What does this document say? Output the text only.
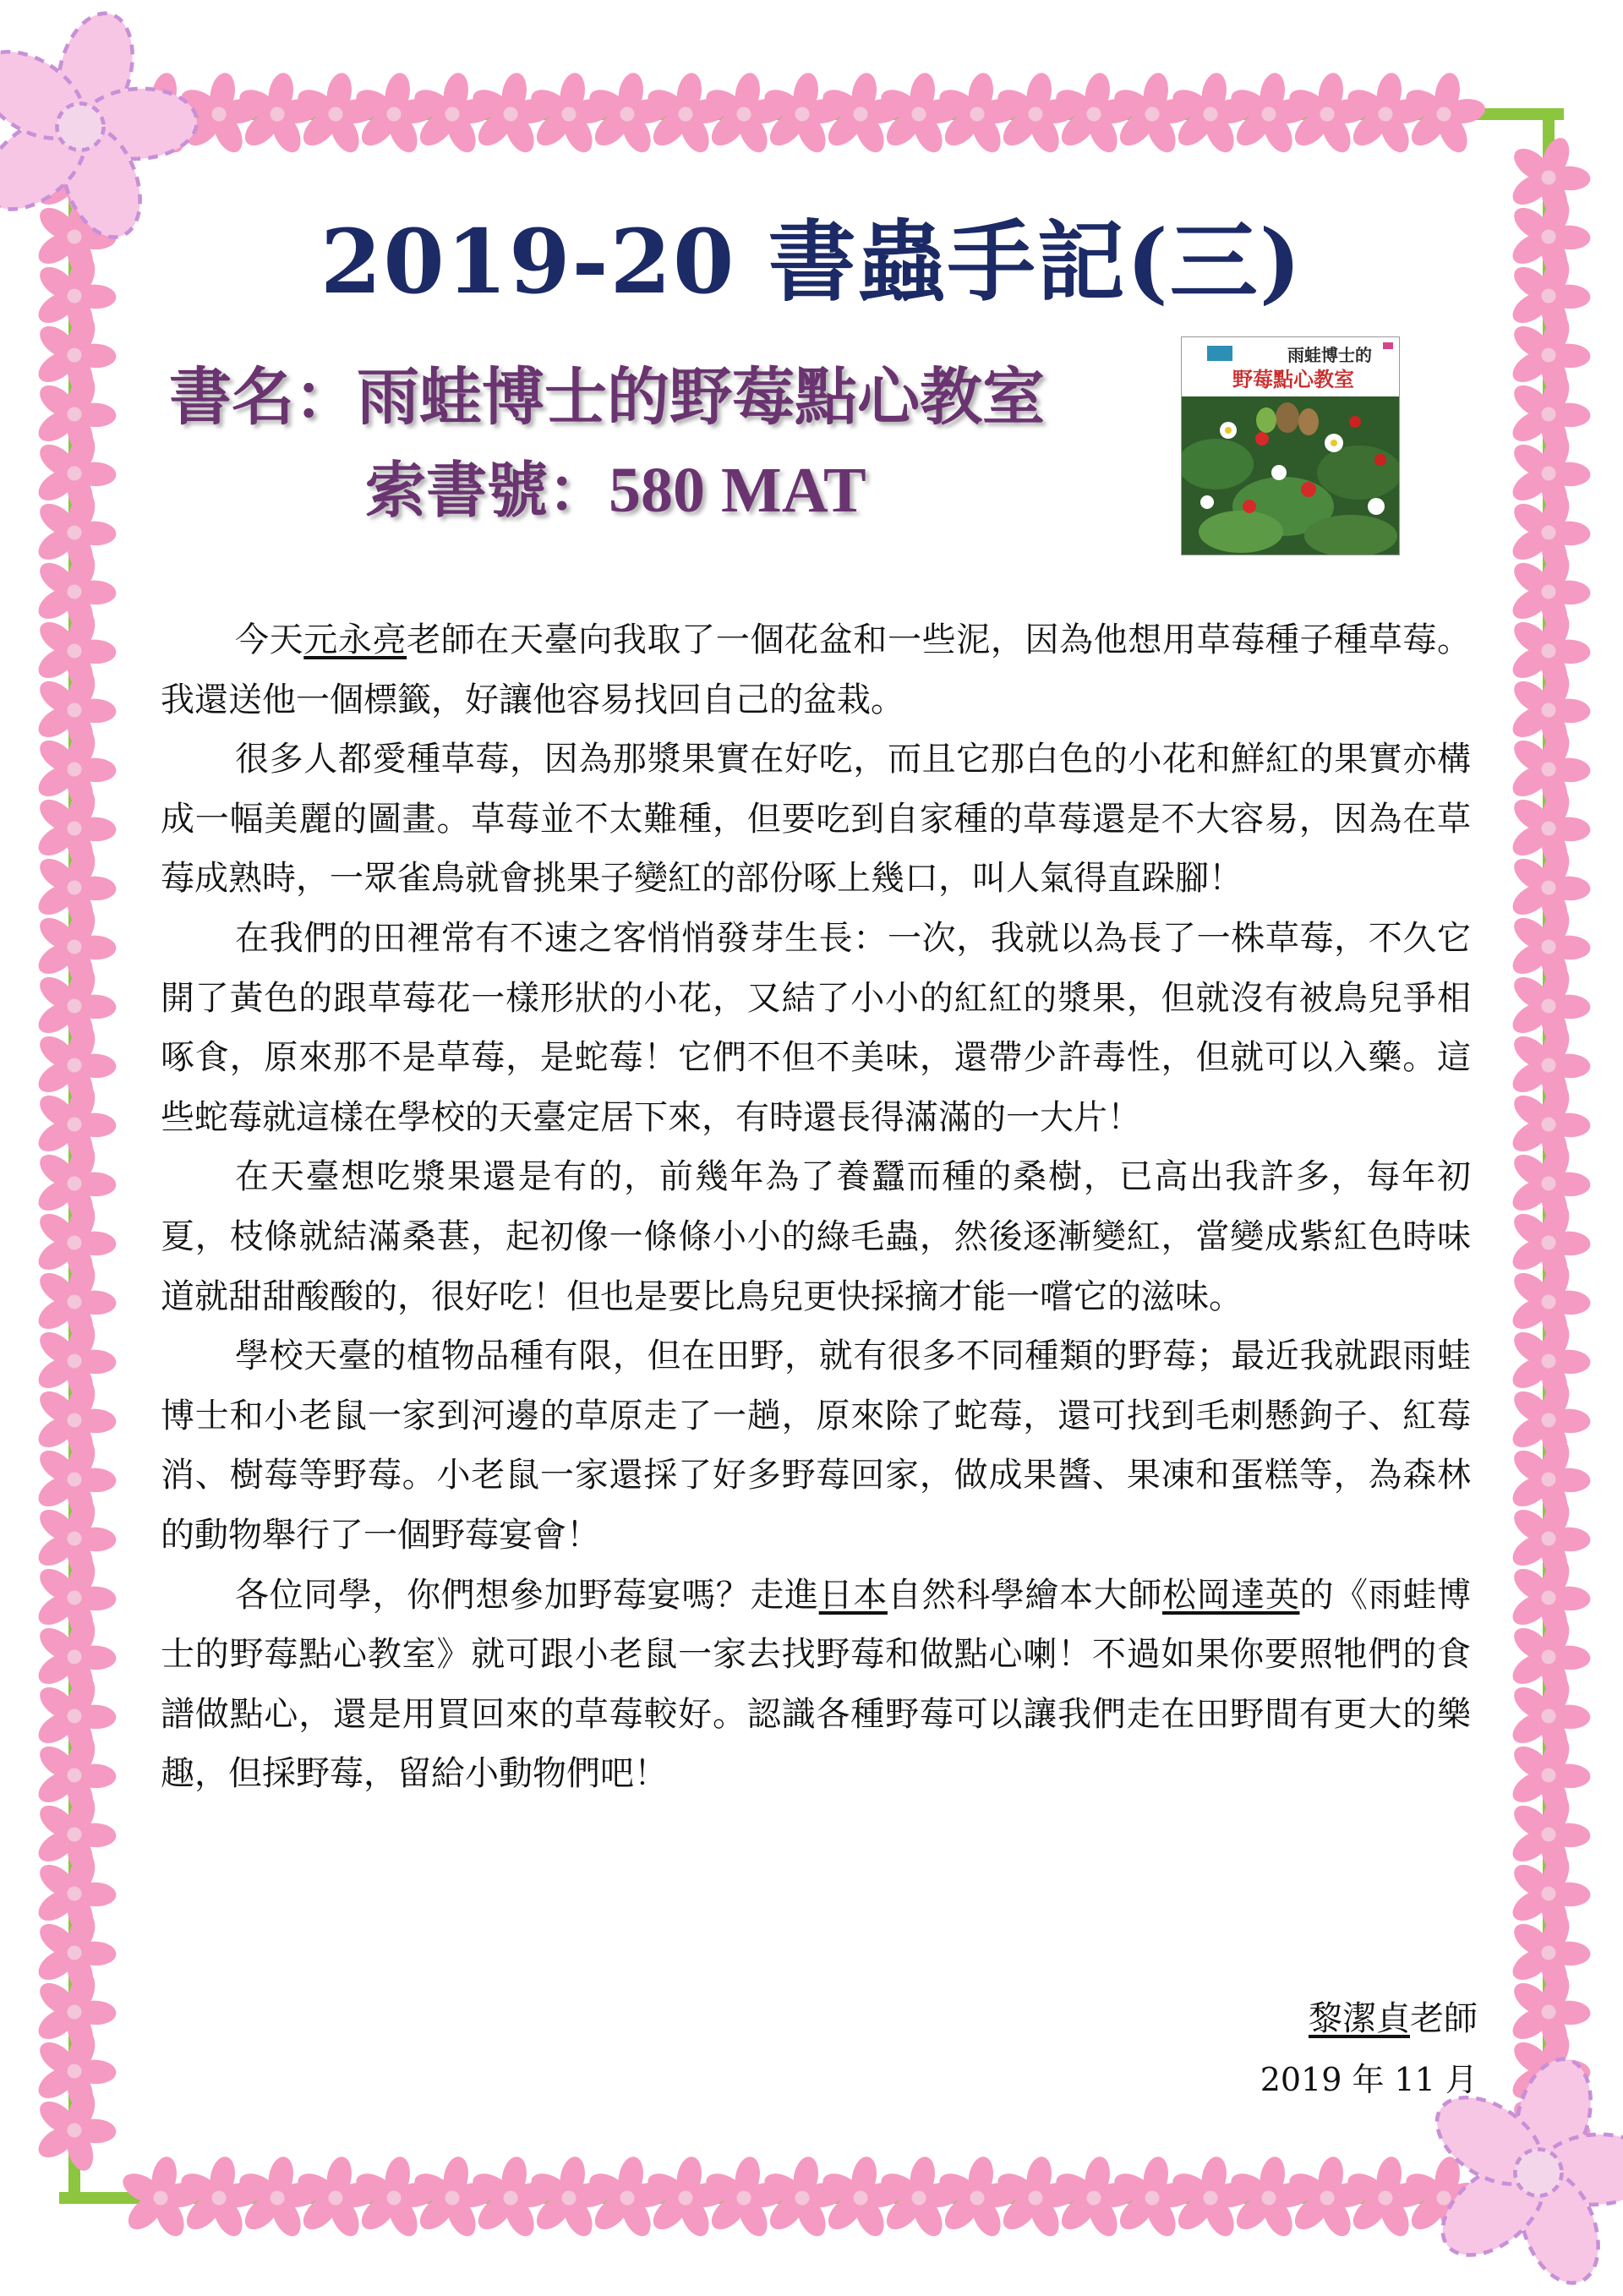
2019-20 書蟲手記(三)
書名：雨蛙博士的野莓點心教室
索書號：580 MAT
雨蛙博士的
野莓點心教室

今天元永亮老師在天臺向我取了一個花盆和一些泥，因為他想用草莓種子種草莓。我還送他一個標籤，好讓他容易找回自己的盆栽。

很多人都愛種草莓，因為那漿果實在好吃，而且它那白色的小花和鮮紅的果實亦構成一幅美麗的圖畫。草莓並不太難種，但要吃到自家種的草莓還是不大容易，因為在草莓成熟時，一眾雀鳥就會挑果子變紅的部份啄上幾口，叫人氣得直跺腳！

在我們的田裡常有不速之客悄悄發芽生長：一次，我就以為長了一株草莓，不久它開了黃色的跟草莓花一樣形狀的小花，又結了小小的紅紅的漿果，但就沒有被鳥兒爭相啄食，原來那不是草莓，是蛇莓！它們不但不美味，還帶少許毒性，但就可以入藥。這些蛇莓就這樣在學校的天臺定居下來，有時還長得滿滿的一大片！

在天臺想吃漿果還是有的，前幾年為了養蠶而種的桑樹，已高出我許多，每年初夏，枝條就結滿桑葚，起初像一條條小小的綠毛蟲，然後逐漸變紅，當變成紫紅色時味道就甜甜酸酸的，很好吃！但也是要比鳥兒更快採摘才能一嚐它的滋味。

學校天臺的植物品種有限，但在田野，就有很多不同種類的野莓；最近我就跟雨蛙博士和小老鼠一家到河邊的草原走了一趟，原來除了蛇莓，還可找到毛刺懸鉤子、紅莓消、樹莓等野莓。小老鼠一家還採了好多野莓回家，做成果醬、果凍和蛋糕等，為森林的動物舉行了一個野莓宴會！

各位同學，你們想參加野莓宴嗎？走進日本自然科學繪本大師松岡達英的《雨蛙博士的野莓點心教室》就可跟小老鼠一家去找野莓和做點心喇！不過如果你要照牠們的食譜做點心，還是用買回來的草莓較好。認識各種野莓可以讓我們走在田野間有更大的樂趣，但採野莓，留給小動物們吧！

黎潔貞老師
2019 年 11 月
